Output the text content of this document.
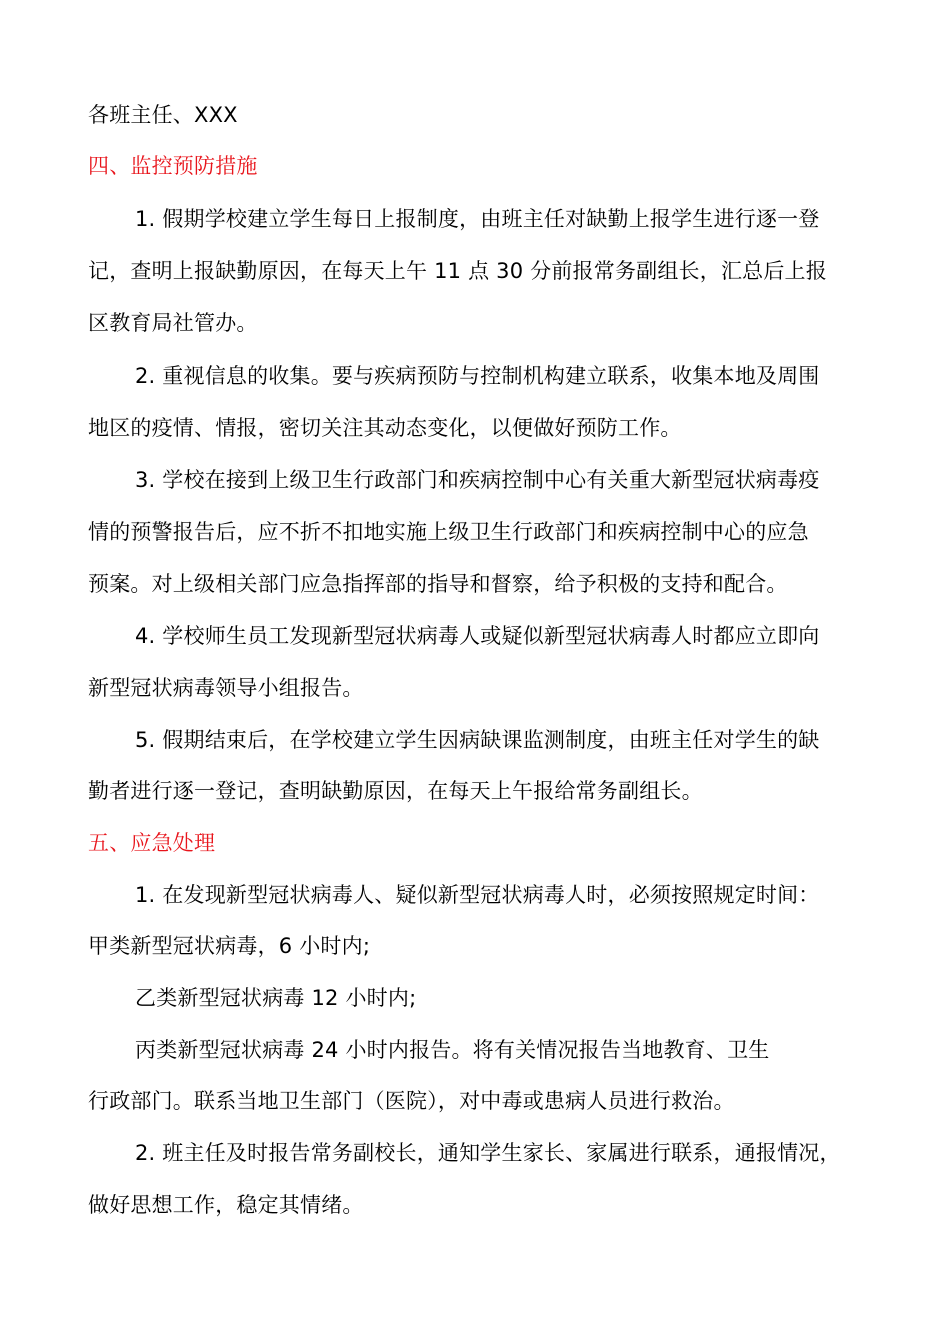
各班主任、XXX
四、监控预防措施
1. 假期学校建立学生每日上报制度，由班主任对缺勤上报学生进行逐一登
记，查明上报缺勤原因，在每天上午 11 点 30 分前报常务副组长，汇总后上报
区教育局社管办。
2. 重视信息的收集。要与疾病预防与控制机构建立联系，收集本地及周围
地区的疫情、情报，密切关注其动态变化，以便做好预防工作。
3. 学校在接到上级卫生行政部门和疾病控制中心有关重大新型冠状病毒疫
情的预警报告后，应不折不扣地实施上级卫生行政部门和疾病控制中心的应急
预案。对上级相关部门应急指挥部的指导和督察，给予积极的支持和配合。
4. 学校师生员工发现新型冠状病毒人或疑似新型冠状病毒人时都应立即向
新型冠状病毒领导小组报告。
5. 假期结束后，在学校建立学生因病缺课监测制度，由班主任对学生的缺
勤者进行逐一登记，查明缺勤原因，在每天上午报给常务副组长。
五、应急处理
1. 在发现新型冠状病毒人、疑似新型冠状病毒人时，必须按照规定时间：
甲类新型冠状病毒，6 小时内;
乙类新型冠状病毒 12 小时内;
丙类新型冠状病毒 24 小时内报告。将有关情况报告当地教育、卫生
行政部门。联系当地卫生部门（医院），对中毒或患病人员进行救治。
2. 班主任及时报告常务副校长，通知学生家长、家属进行联系，通报情况，
做好思想工作，稳定其情绪。
